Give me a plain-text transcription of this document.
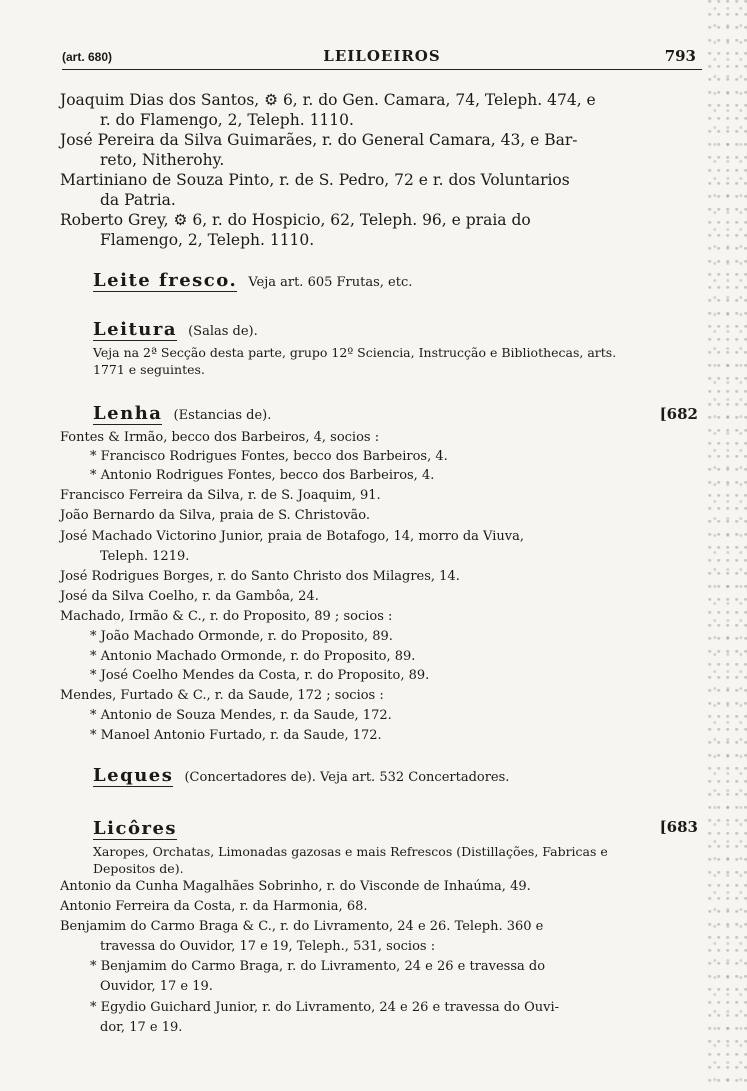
(art. 680)	LEILOEIROS	793
Joaquim Dias dos Santos, ⚙ 6, r. do Gen. Camara, 74, Teleph. 474, e
r. do Flamengo, 2, Teleph. 1110.
José Pereira da Silva Guimarães, r. do General Camara, 43, e Bar-
reto, Nitherohy.
Martiniano de Souza Pinto, r. de S. Pedro, 72 e r. dos Voluntarios
da Patria.
Roberto Grey, ⚙ 6, r. do Hospicio, 62, Teleph. 96, e praia do
Flamengo, 2, Teleph. 1110.
Leite fresco. Veja art. 605 Frutas, etc.
Leitura (Salas de).
Veja na 2ª Secção desta parte, grupo 12º Sciencia, Instrucção e Bibliothecas, arts.
1771 e seguintes.
Lenha (Estancias de).	[682
Fontes & Irmão, becco dos Barbeiros, 4, socios :
* Francisco Rodrigues Fontes, becco dos Barbeiros, 4.
* Antonio Rodrigues Fontes, becco dos Barbeiros, 4.
Francisco Ferreira da Silva, r. de S. Joaquim, 91.
João Bernardo da Silva, praia de S. Christovão.
José Machado Victorino Junior, praia de Botafogo, 14, morro da Viuva,
Teleph. 1219.
José Rodrigues Borges, r. do Santo Christo dos Milagres, 14.
José da Silva Coelho, r. da Gambôa, 24.
Machado, Irmão & C., r. do Proposito, 89 ; socios :
* João Machado Ormonde, r. do Proposito, 89.
* Antonio Machado Ormonde, r. do Proposito, 89.
* José Coelho Mendes da Costa, r. do Proposito, 89.
Mendes, Furtado & C., r. da Saude, 172 ; socios :
* Antonio de Souza Mendes, r. da Saude, 172.
* Manoel Antonio Furtado, r. da Saude, 172.
Leques (Concertadores de). Veja art. 532 Concertadores.
Licôres	[683
Xaropes, Orchatas, Limonadas gazosas e mais Refrescos (Distillações, Fabricas e
Depositos de).
Antonio da Cunha Magalhães Sobrinho, r. do Visconde de Inhaúma, 49.
Antonio Ferreira da Costa, r. da Harmonia, 68.
Benjamim do Carmo Braga & C., r. do Livramento, 24 e 26. Teleph. 360 e
travessa do Ouvidor, 17 e 19, Teleph., 531, socios :
* Benjamim do Carmo Braga, r. do Livramento, 24 e 26 e travessa do
Ouvidor, 17 e 19.
* Egydio Guichard Junior, r. do Livramento, 24 e 26 e travessa do Ouvi-
dor, 17 e 19.
